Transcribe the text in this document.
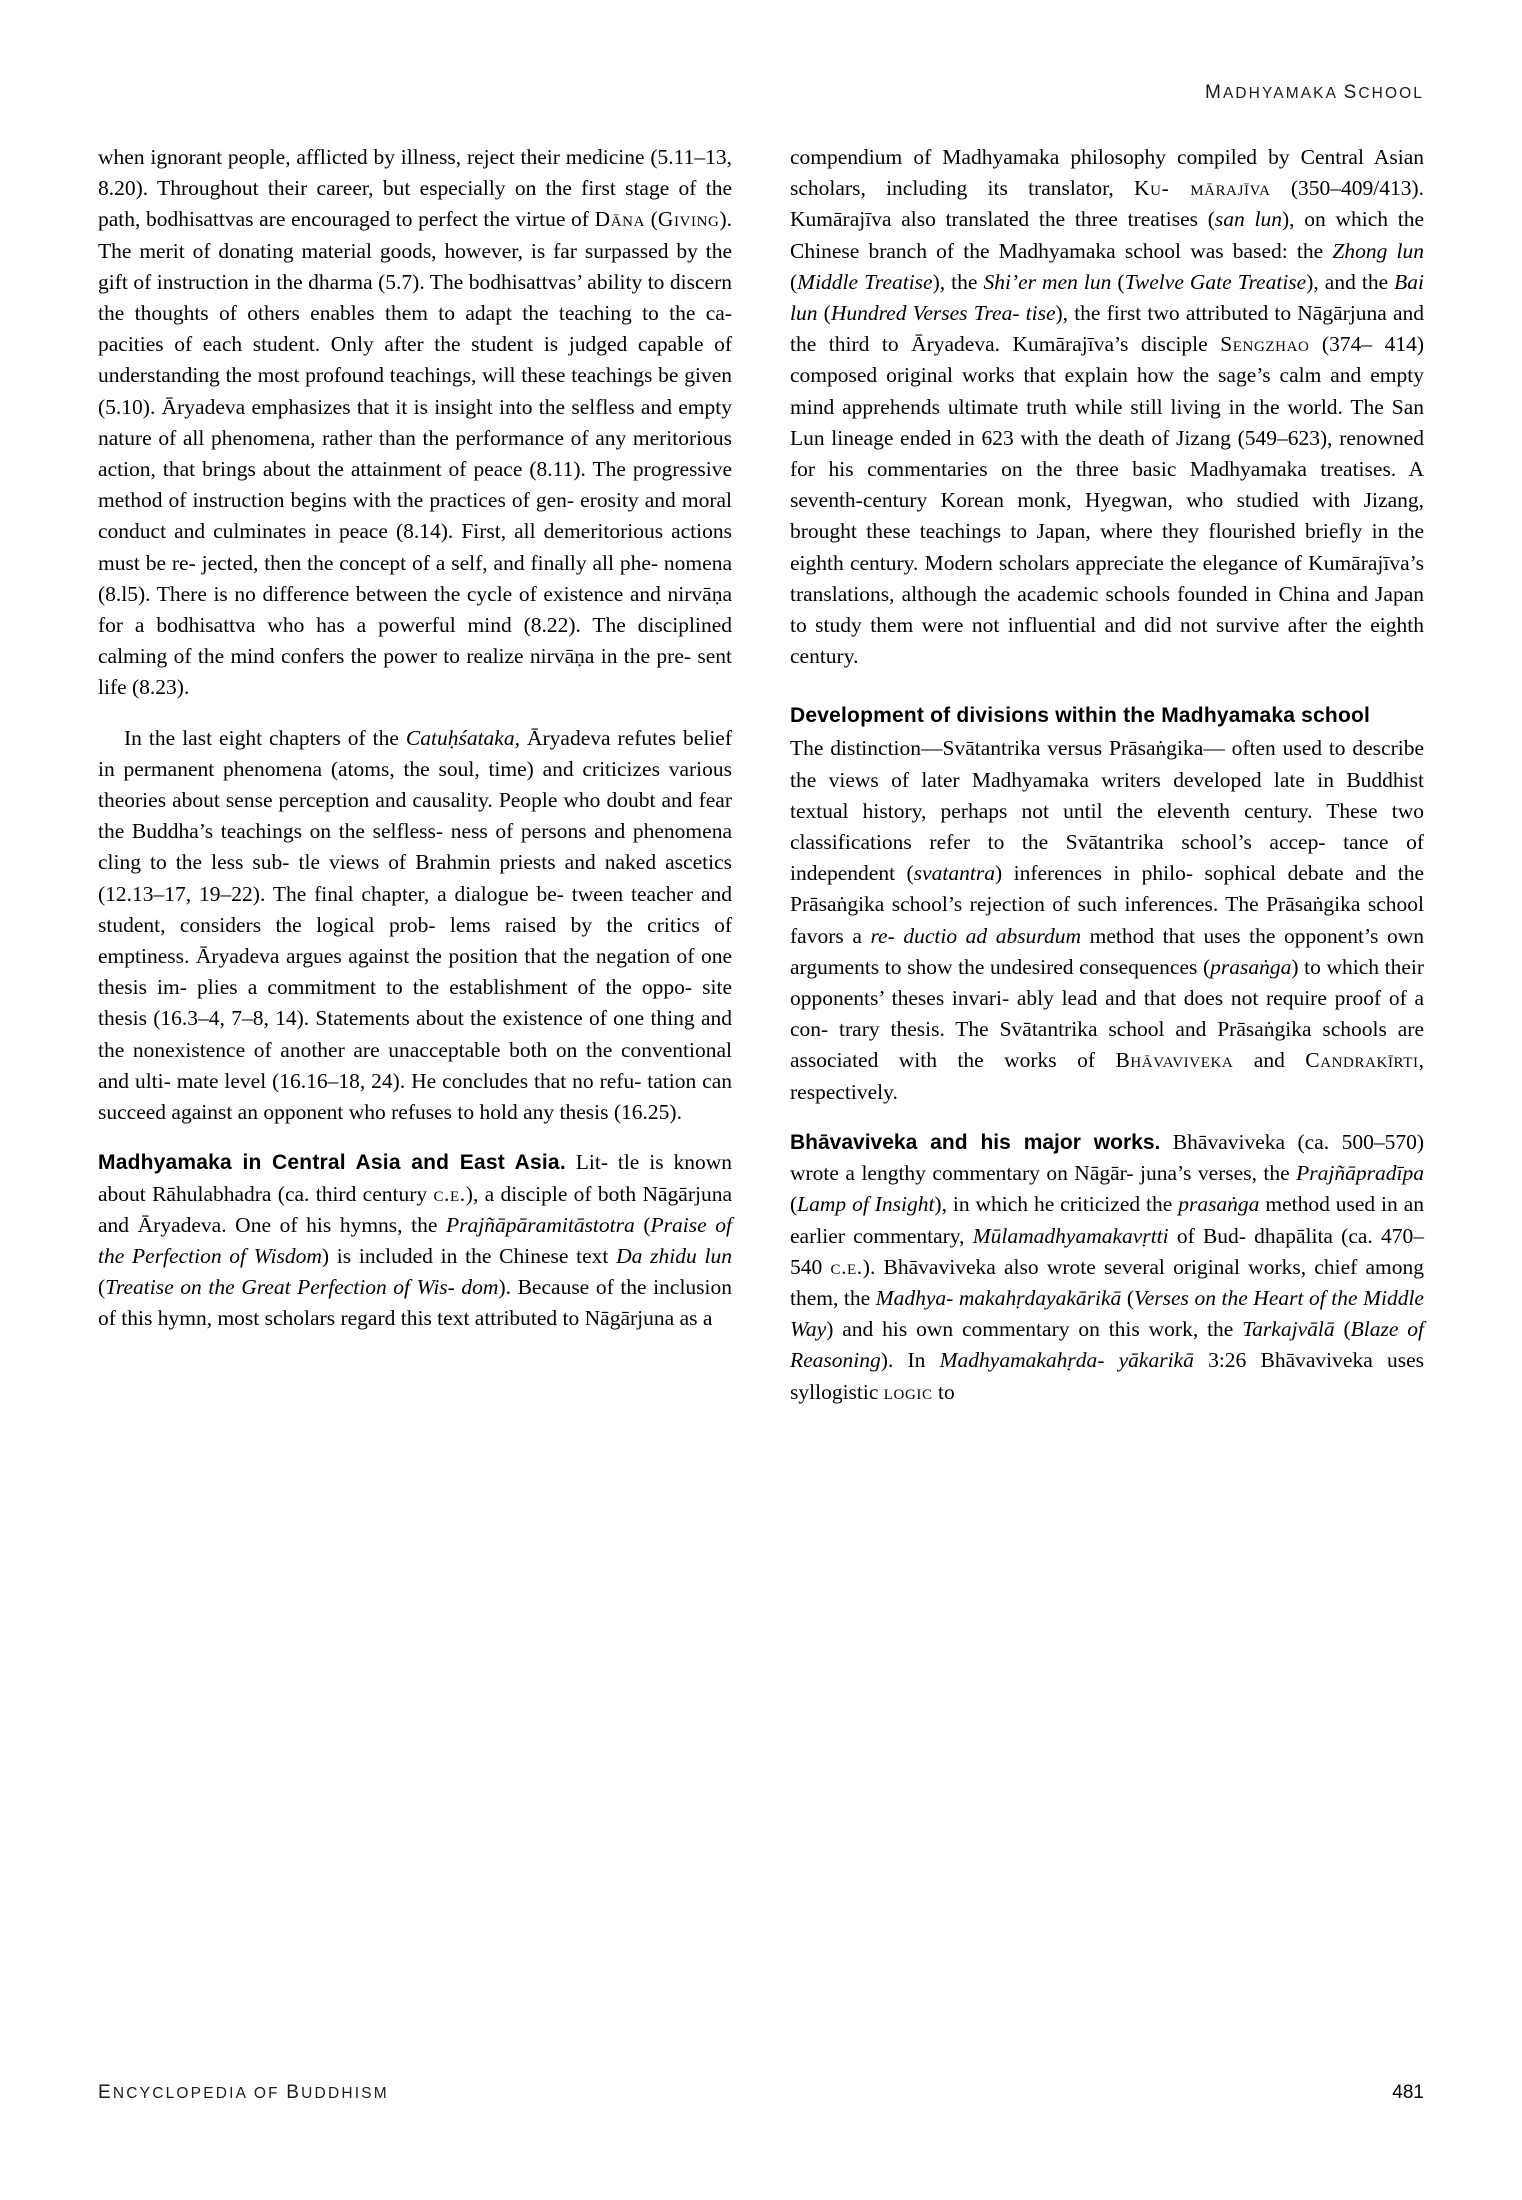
MADHYAMAKA SCHOOL

when ignorant people, afflicted by illness, reject their medicine (5.11–13, 8.20). Throughout their career, but especially on the first stage of the path, bodhisattvas are encouraged to perfect the virtue of Dāna (Giving). The merit of donating material goods, however, is far surpassed by the gift of instruction in the dharma (5.7). The bodhisattvas’ ability to discern the thoughts of others enables them to adapt the teaching to the ca- pacities of each student. Only after the student is judged capable of understanding the most profound teachings, will these teachings be given (5.10). Āryadeva emphasizes that it is insight into the selfless and empty nature of all phenomena, rather than the performance of any meritorious action, that brings about the attainment of peace (8.11). The progressive method of instruction begins with the practices of gen- erosity and moral conduct and culminates in peace (8.14). First, all demeritorious actions must be re- jected, then the concept of a self, and finally all phe- nomena (8.l5). There is no difference between the cycle of existence and nirvāṇa for a bodhisattva who has a powerful mind (8.22). The disciplined calming of the mind confers the power to realize nirvāṇa in the pre- sent life (8.23).

In the last eight chapters of the Catuḥśataka, Āryadeva refutes belief in permanent phenomena (atoms, the soul, time) and criticizes various theories about sense perception and causality. People who doubt and fear the Buddha’s teachings on the selfless- ness of persons and phenomena cling to the less sub- tle views of Brahmin priests and naked ascetics (12.13–17, 19–22). The final chapter, a dialogue be- tween teacher and student, considers the logical prob- lems raised by the critics of emptiness. Āryadeva argues against the position that the negation of one thesis im- plies a commitment to the establishment of the oppo- site thesis (16.3–4, 7–8, 14). Statements about the existence of one thing and the nonexistence of another are unacceptable both on the conventional and ulti- mate level (16.16–18, 24). He concludes that no refu- tation can succeed against an opponent who refuses to hold any thesis (16.25).

Madhyamaka in Central Asia and East Asia. Lit- tle is known about Rāhulabhadra (ca. third century c.e.), a disciple of both Nāgārjuna and Āryadeva. One of his hymns, the Prajñāpāramitāstotra (Praise of the Perfection of Wisdom) is included in the Chinese text Da zhidu lun (Treatise on the Great Perfection of Wis- dom). Because of the inclusion of this hymn, most scholars regard this text attributed to Nāgārjuna as a

compendium of Madhyamaka philosophy compiled by Central Asian scholars, including its translator, Ku- mārajīva (350–409/413). Kumārajīva also translated the three treatises (san lun), on which the Chinese branch of the Madhyamaka school was based: the Zhong lun (Middle Treatise), the Shi’er men lun (Twelve Gate Treatise), and the Bai lun (Hundred Verses Trea- tise), the first two attributed to Nāgārjuna and the third to Āryadeva. Kumārajīva’s disciple Sengzhao (374– 414) composed original works that explain how the sage’s calm and empty mind apprehends ultimate truth while still living in the world. The San Lun lineage ended in 623 with the death of Jizang (549–623), renowned for his commentaries on the three basic Madhyamaka treatises. A seventh-century Korean monk, Hyegwan, who studied with Jizang, brought these teachings to Japan, where they flourished briefly in the eighth century. Modern scholars appreciate the elegance of Kumārajīva’s translations, although the academic schools founded in China and Japan to study them were not influential and did not survive after the eighth century.

Development of divisions within the Madhyamaka school

The distinction—Svātantrika versus Prāsaṅgika— often used to describe the views of later Madhyamaka writers developed late in Buddhist textual history, perhaps not until the eleventh century. These two classifications refer to the Svātantrika school’s accep- tance of independent (svatantra) inferences in philo- sophical debate and the Prāsaṅgika school’s rejection of such inferences. The Prāsaṅgika school favors a re- ductio ad absurdum method that uses the opponent’s own arguments to show the undesired consequences (prasaṅga) to which their opponents’ theses invari- ably lead and that does not require proof of a con- trary thesis. The Svātantrika school and Prāsaṅgika schools are associated with the works of Bhāvaviveka and Candrakīrti, respectively.

Bhāvaviveka and his major works. Bhāvaviveka (ca. 500–570) wrote a lengthy commentary on Nāgār- juna’s verses, the Prajñāpradīpa (Lamp of Insight), in which he criticized the prasaṅga method used in an earlier commentary, Mūlamadhyamakavṛtti of Bud- dhapālita (ca. 470–540 c.e.). Bhāvaviveka also wrote several original works, chief among them, the Madhya- makahṛdayakārikā (Verses on the Heart of the Middle Way) and his own commentary on this work, the Tarkajvālā (Blaze of Reasoning). In Madhyamakahṛda- yākarikā 3:26 Bhāvaviveka uses syllogistic logic to

ENCYCLOPEDIA OF BUDDHISM	481
